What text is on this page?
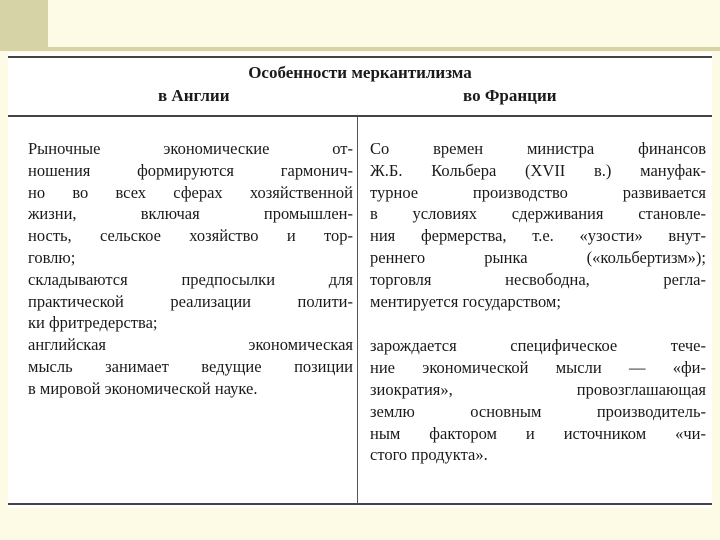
Особенности меркантилизма
в Англии	во Франции
Рыночные экономические от-
ношения формируются гармонич-
но во всех сферах хозяйственной
жизни, включая промышлен-
ность, сельское хозяйство и тор-
говлю;
складываются предпосылки для
практической реализации полити-
ки фритредерства;
английская экономическая
мысль занимает ведущие позиции
в мировой экономической науке.
Со времен министра финансов
Ж.Б. Кольбера (XVII в.) мануфак-
турное производство развивается
в условиях сдерживания становле-
ния фермерства, т.е. «узости» внут-
реннего рынка («кольбертизм»);
торговля несвободна, регла-
ментируется государством;
зарождается специфическое тече-
ние экономической мысли — «фи-
зиократия», провозглашающая
землю основным производитель-
ным фактором и источником «чи-
стого продукта».
